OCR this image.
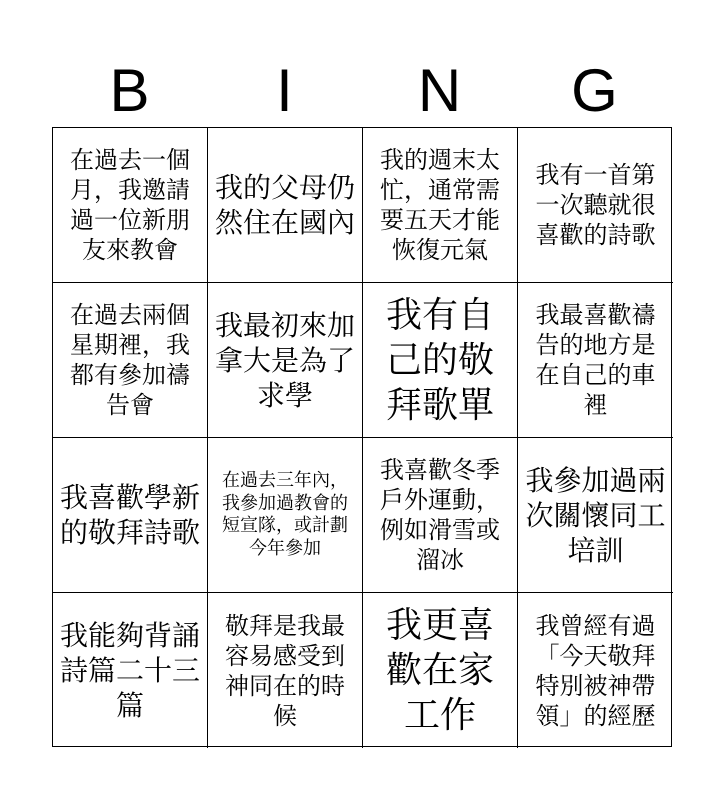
B	I	N	G
在過去一個月，我邀請過一位新朋友來教會
我的父母仍然住在國內
我的週末太忙，通常需要五天才能恢復元氣
我有一首第一次聽就很喜歡的詩歌
在過去兩個星期裡，我都有參加禱告會
我最初來加拿大是為了求學
我有自己的敬拜歌單
我最喜歡禱告的地方是在自己的車裡
我喜歡學新的敬拜詩歌
在過去三年內，我參加過教會的短宣隊，或計劃今年參加
我喜歡冬季戶外運動，例如滑雪或溜冰
我參加過兩次關懷同工培訓
我能夠背誦詩篇二十三篇
敬拜是我最容易感受到神同在的時候
我更喜歡在家工作
我曾經有過「今天敬拜特別被神帶領」的經歷
